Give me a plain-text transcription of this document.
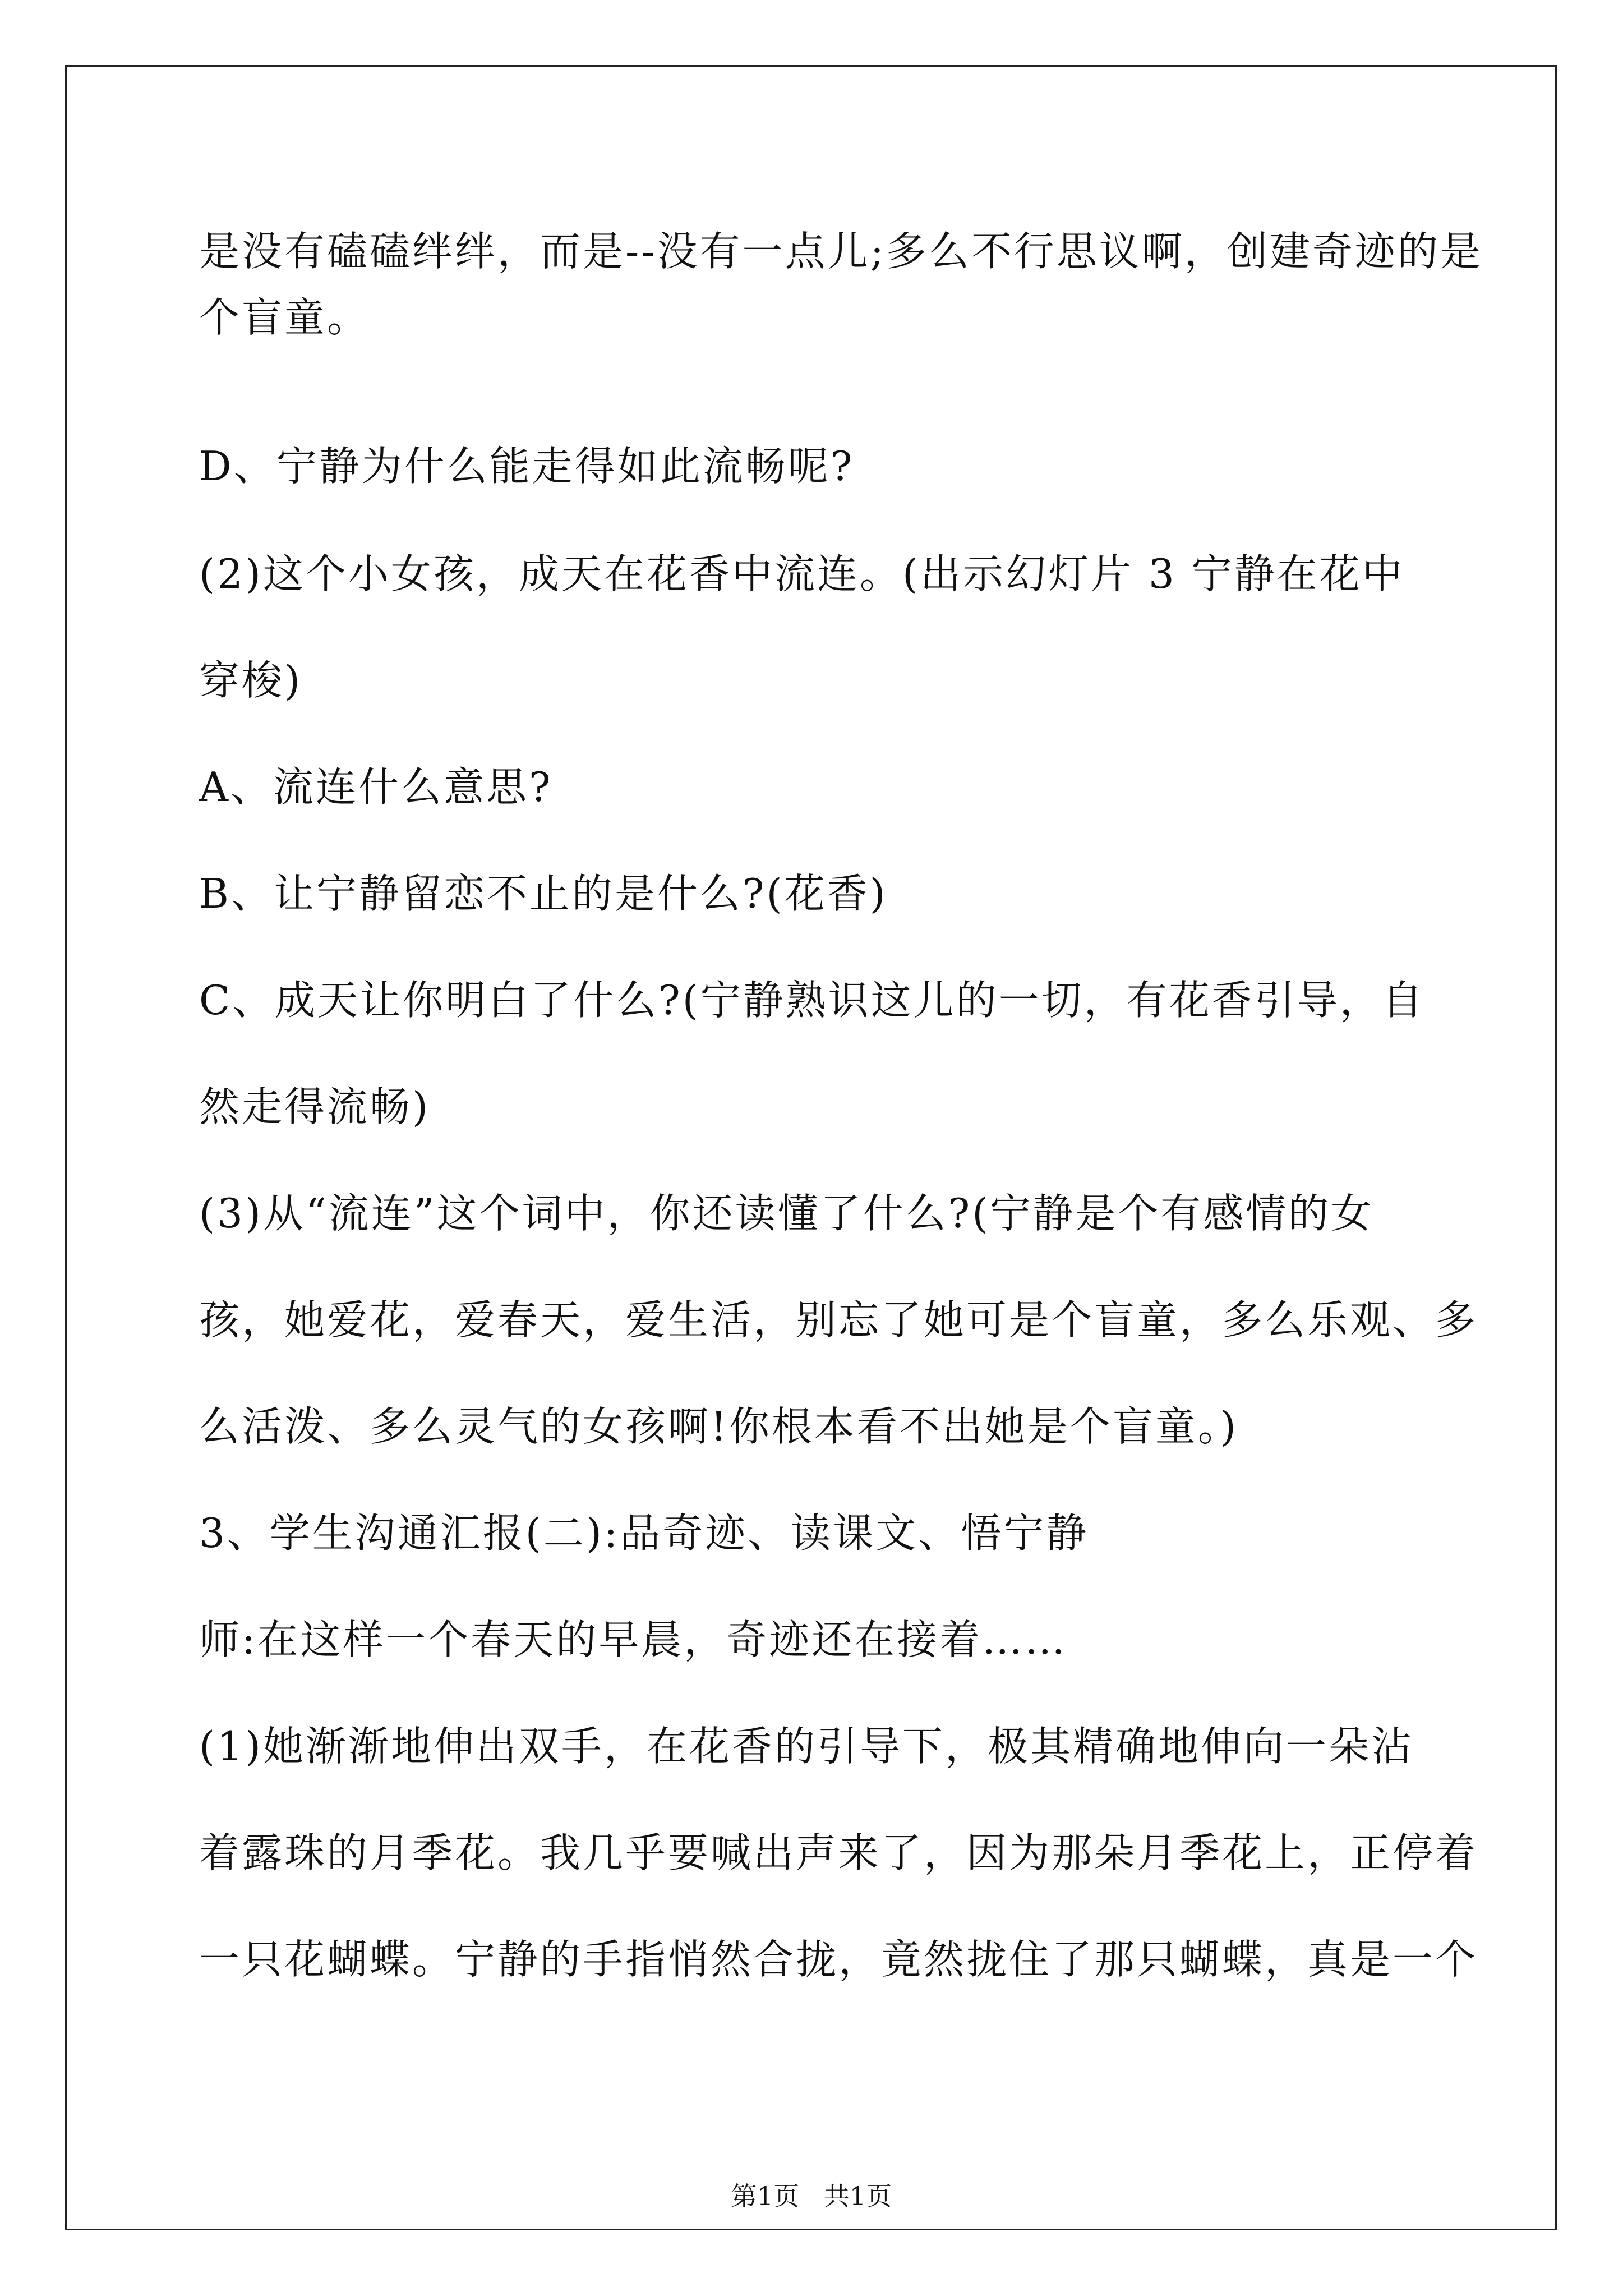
是没有磕磕绊绊，而是--没有一点儿;多么不行思议啊，创建奇迹的是

个盲童。

D、宁静为什么能走得如此流畅呢?

(2)这个小女孩，成天在花香中流连。(出示幻灯片 3 宁静在花中

穿梭)

A、流连什么意思?

B、让宁静留恋不止的是什么?(花香)

C、成天让你明白了什么?(宁静熟识这儿的一切，有花香引导，自

然走得流畅)

(3)从“流连”这个词中，你还读懂了什么?(宁静是个有感情的女

孩，她爱花，爱春天，爱生活，别忘了她可是个盲童，多么乐观、多

么活泼、多么灵气的女孩啊!你根本看不出她是个盲童。)

3、学生沟通汇报(二):品奇迹、读课文、悟宁静

师:在这样一个春天的早晨，奇迹还在接着……

(1)她渐渐地伸出双手，在花香的引导下，极其精确地伸向一朵沾

着露珠的月季花。我几乎要喊出声来了，因为那朵月季花上，正停着

一只花蝴蝶。宁静的手指悄然合拢，竟然拢住了那只蝴蝶，真是一个

第1页   共1页
